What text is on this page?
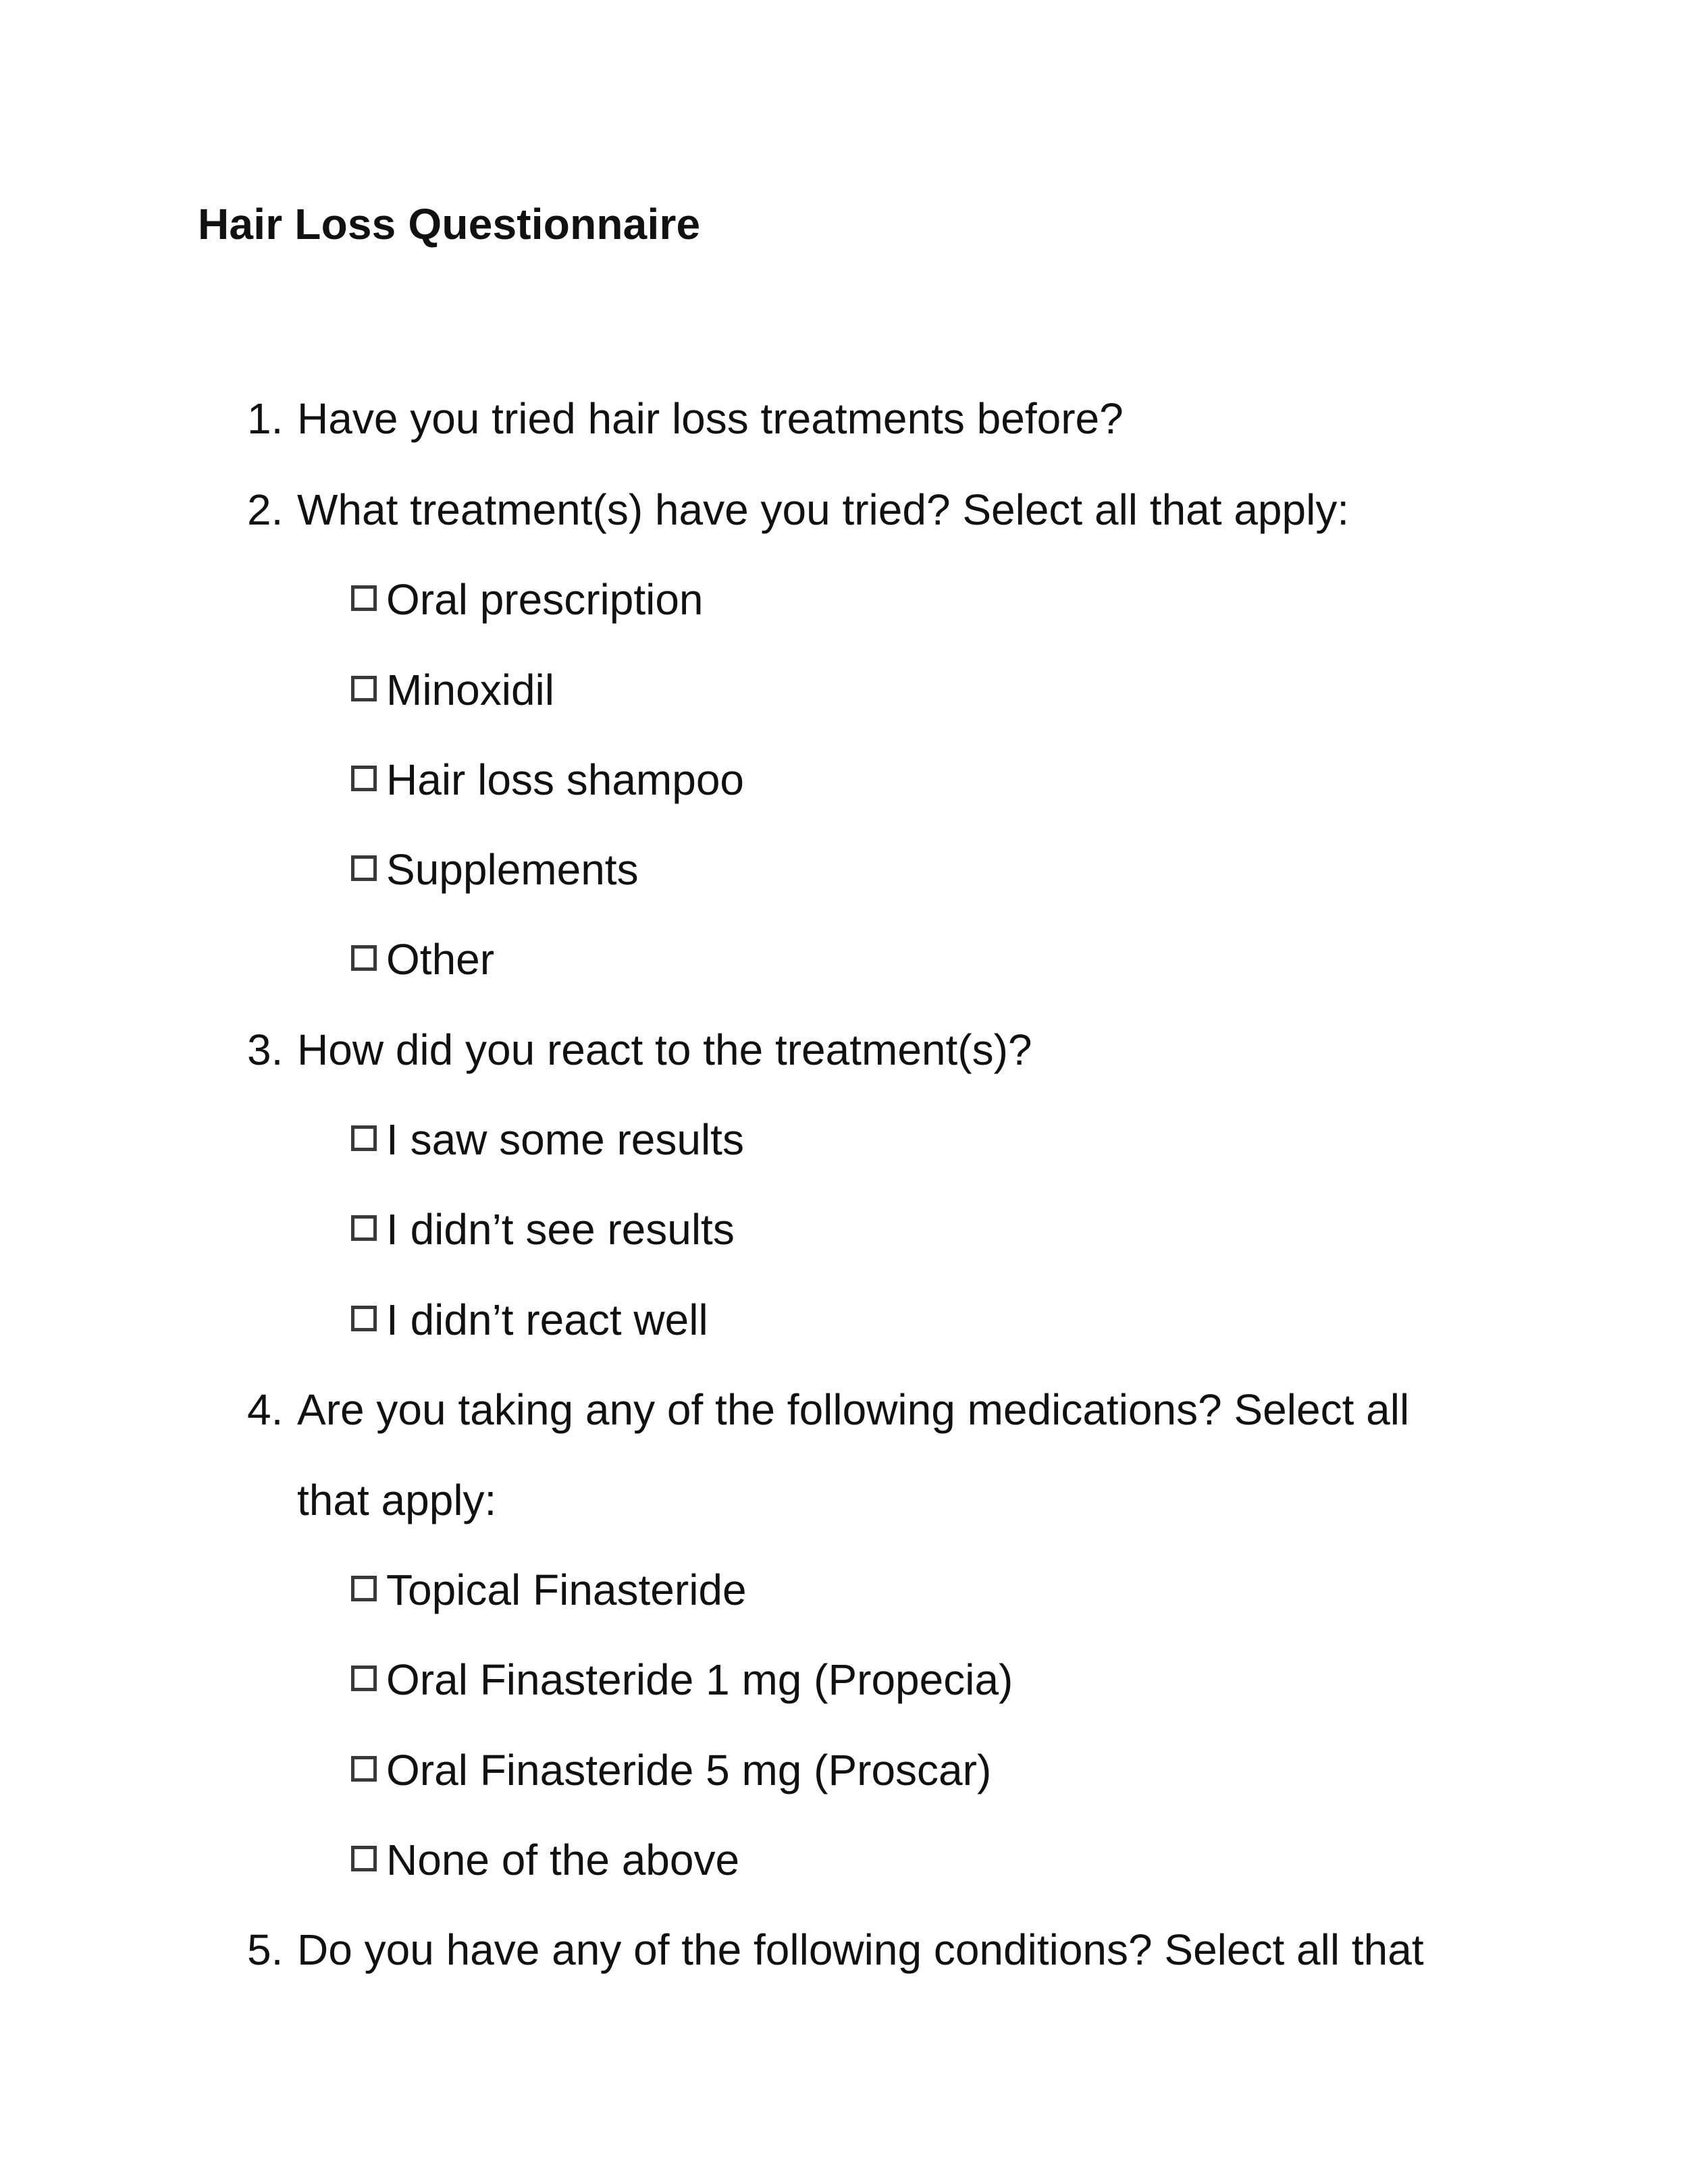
Hair Loss Questionnaire
1. Have you tried hair loss treatments before?
2. What treatment(s) have you tried? Select all that apply:
Oral prescription
Minoxidil
Hair loss shampoo
Supplements
Other
3. How did you react to the treatment(s)?
I saw some results
I didn’t see results
I didn’t react well
4. Are you taking any of the following medications? Select all
that apply:
Topical Finasteride
Oral Finasteride 1 mg (Propecia)
Oral Finasteride 5 mg (Proscar)
None of the above
5. Do you have any of the following conditions? Select all that
